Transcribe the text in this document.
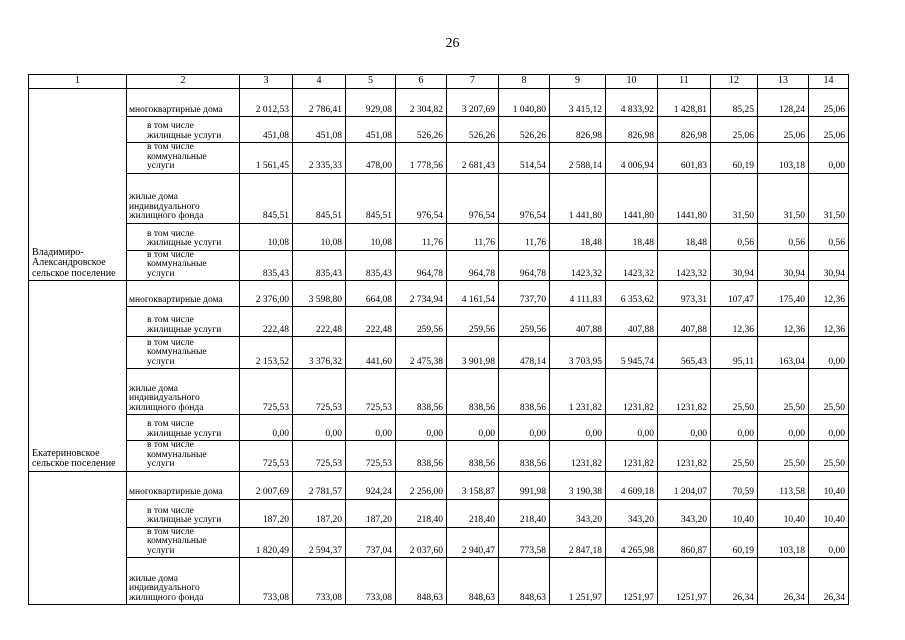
26
1	2	3	4	5	6	7	8	9	10	11	12	13	14
Владимиро-Александровское сельское поселение	многоквартирные дома	2 012,53	2 786,41	929,08	2 304,82	3 207,69	1 040,80	3 415,12	4 833,92	1 428,81	85,25	128,24	25,06
	в том числе жилищные услуги	451,08	451,08	451,08	526,26	526,26	526,26	826,98	826,98	826,98	25,06	25,06	25,06
	в том числе коммунальные услуги	1 561,45	2 335,33	478,00	1 778,56	2 681,43	514,54	2 588,14	4 006,94	601,83	60,19	103,18	0,00
	жилые дома индивидуального жилищного фонда	845,51	845,51	845,51	976,54	976,54	976,54	1 441,80	1441,80	1441,80	31,50	31,50	31,50
	в том числе жилищные услуги	10,08	10,08	10,08	11,76	11,76	11,76	18,48	18,48	18,48	0,56	0,56	0,56
	в том числе коммунальные услуги	835,43	835,43	835,43	964,78	964,78	964,78	1423,32	1423,32	1423,32	30,94	30,94	30,94
Екатериновское сельское поселение	многоквартирные дома	2 376,00	3 598,80	664,08	2 734,94	4 161,54	737,70	4 111,83	6 353,62	973,31	107,47	175,40	12,36
	в том числе жилищные услуги	222,48	222,48	222,48	259,56	259,56	259,56	407,88	407,88	407,88	12,36	12,36	12,36
	в том числе коммунальные услуги	2 153,52	3 376,32	441,60	2 475,38	3 901,98	478,14	3 703,95	5 945,74	565,43	95,11	163,04	0,00
	жилые дома индивидуального жилищного фонда	725,53	725,53	725,53	838,56	838,56	838,56	1 231,82	1231,82	1231,82	25,50	25,50	25,50
	в том числе жилищные услуги	0,00	0,00	0,00	0,00	0,00	0,00	0,00	0,00	0,00	0,00	0,00	0,00
	в том числе коммунальные услуги	725,53	725,53	725,53	838,56	838,56	838,56	1231,82	1231,82	1231,82	25,50	25,50	25,50
	многоквартирные дома	2 007,69	2 781,57	924,24	2 256,00	3 158,87	991,98	3 190,38	4 609,18	1 204,07	70,59	113,58	10,40
	в том числе жилищные услуги	187,20	187,20	187,20	218,40	218,40	218,40	343,20	343,20	343,20	10,40	10,40	10,40
	в том числе коммунальные услуги	1 820,49	2 594,37	737,04	2 037,60	2 940,47	773,58	2 847,18	4 265,98	860,87	60,19	103,18	0,00
	жилые дома индивидуального жилищного фонда	733,08	733,08	733,08	848,63	848,63	848,63	1 251,97	1251,97	1251,97	26,34	26,34	26,34
